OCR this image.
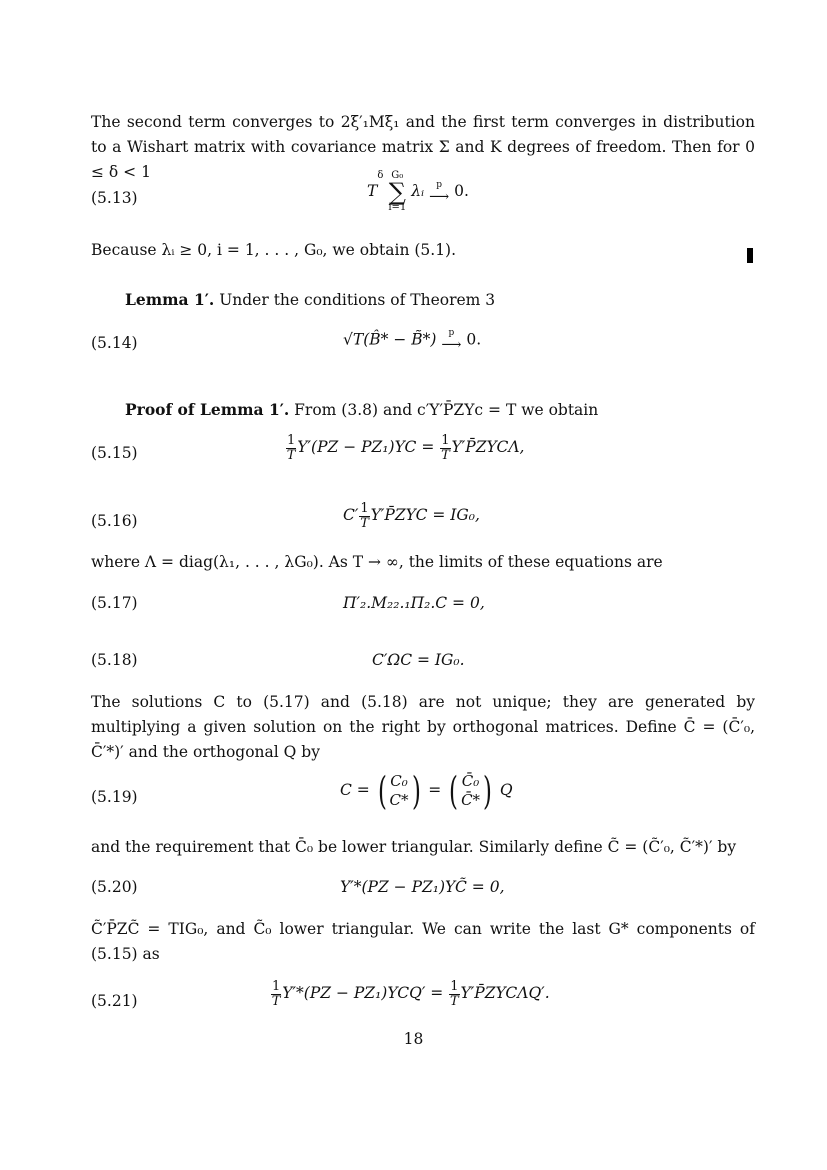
The second term converges to 2ξ′₁Mξ₁ and the first term converges in distribution to a Wishart matrix with covariance matrix Σ and K degrees of freedom. Then for 0 ≤ δ < 1
(5.13)	$T^\delta$ G₀
∑
i=1
λᵢ p
⟶ 0.
Because λᵢ ≥ 0, i = 1, . . . , G₀, we obtain (5.1).
Lemma 1′. Under the conditions of Theorem 3
(5.14)	√T(B̂* − B̃*) p
⟶ 0.
Proof of Lemma 1′. From (3.8) and c′Y′P̄ZYc = T we obtain
(5.15)	$\frac{1}{T} Y'(PZ - PZ_1)YC = \frac{1}{T}$ Y′P̄ZYCΛ,
(5.16)	$C' \frac{1}{T}$ Y′P̄ZYC = IG₀,
where Λ = diag(λ₁, . . . , λG₀). As T → ∞, the limits of these equations are
(5.17)	Π′₂.M₂₂.₁Π₂.C = 0,
(5.18)	C′ΩC = IG₀.
The solutions C to (5.17) and (5.18) are not unique; they are generated by multiplying a given solution on the right by orthogonal matrices. Define C̄ = (C̄′₀, C̄′*)′ and the orthogonal Q by
(5.19)	C = ( C₀
C* ) = ( C̄₀
C̄* ) Q
and the requirement that C̄₀ be lower triangular. Similarly define C̃ = (C̃′₀, C̃′*)′ by
(5.20)	Y′*(PZ − PZ₁)YC̃ = 0,
C̃′P̄ZC̃ = TIG₀, and C̃₀ lower triangular. We can write the last G* components of (5.15) as
(5.21)	$\frac{1}{T} Y'*(PZ - PZ_1)YCQ' = \frac{1}{T}$ Y′P̄ZYCΛQ′.
18
